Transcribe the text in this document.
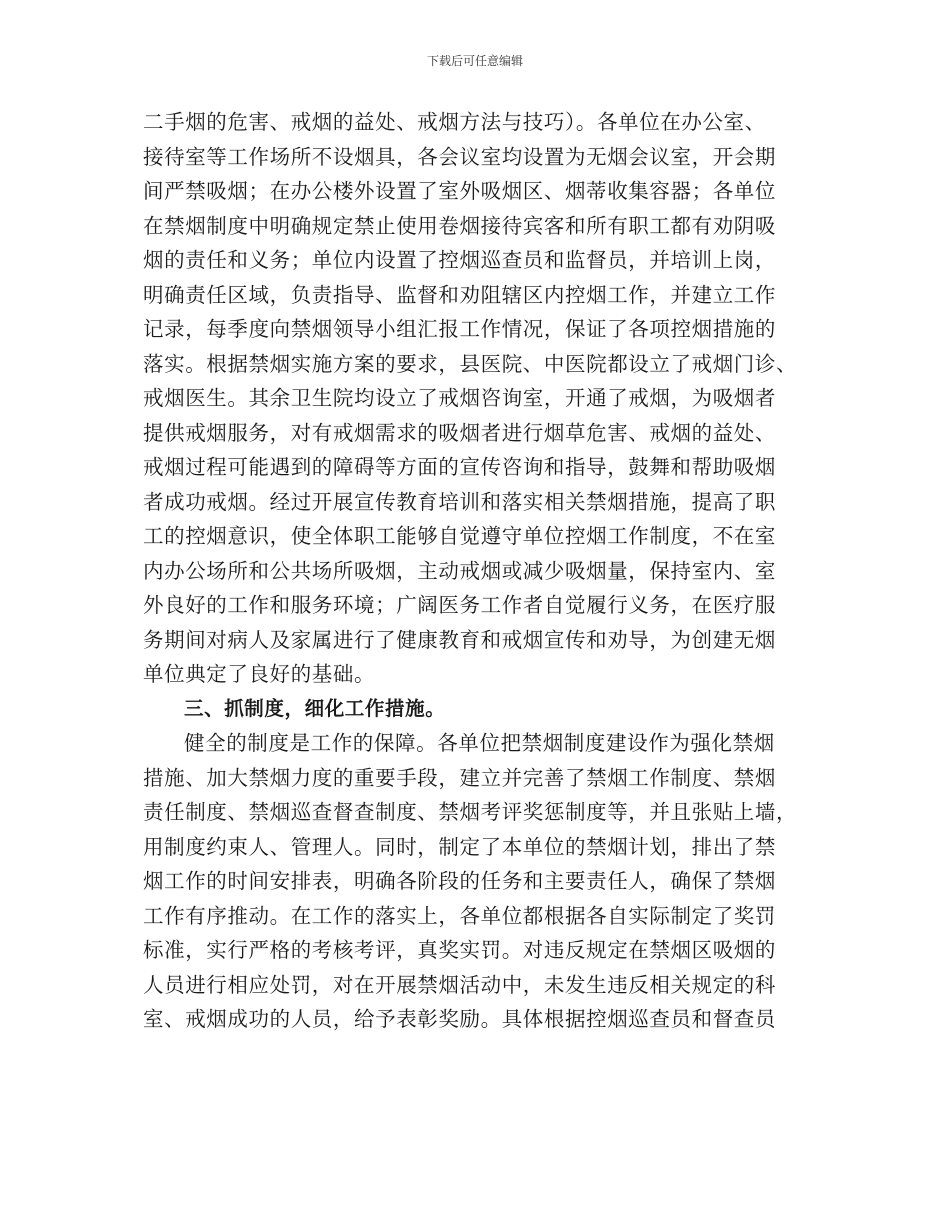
下载后可任意编辑
二手烟的危害、戒烟的益处、戒烟方法与技巧）。各单位在办公室、
接待室等工作场所不设烟具，各会议室均设置为无烟会议室，开会期
间严禁吸烟；在办公楼外设置了室外吸烟区、烟蒂收集容器；各单位
在禁烟制度中明确规定禁止使用卷烟接待宾客和所有职工都有劝阴吸
烟的责任和义务；单位内设置了控烟巡查员和监督员，并培训上岗，
明确责任区域，负责指导、监督和劝阻辖区内控烟工作，并建立工作
记录，每季度向禁烟领导小组汇报工作情况，保证了各项控烟措施的
落实。根据禁烟实施方案的要求，县医院、中医院都设立了戒烟门诊、
戒烟医生。其余卫生院均设立了戒烟咨询室，开通了戒烟，为吸烟者
提供戒烟服务，对有戒烟需求的吸烟者进行烟草危害、戒烟的益处、
戒烟过程可能遇到的障碍等方面的宣传咨询和指导，鼓舞和帮助吸烟
者成功戒烟。经过开展宣传教育培训和落实相关禁烟措施，提高了职
工的控烟意识，使全体职工能够自觉遵守单位控烟工作制度，不在室
内办公场所和公共场所吸烟，主动戒烟或减少吸烟量，保持室内、室
外良好的工作和服务环境；广阔医务工作者自觉履行义务，在医疗服
务期间对病人及家属进行了健康教育和戒烟宣传和劝导，为创建无烟
单位典定了良好的基础。
三、抓制度，细化工作措施。
健全的制度是工作的保障。各单位把禁烟制度建设作为强化禁烟
措施、加大禁烟力度的重要手段，建立并完善了禁烟工作制度、禁烟
责任制度、禁烟巡查督查制度、禁烟考评奖惩制度等，并且张贴上墙，
用制度约束人、管理人。同时，制定了本单位的禁烟计划，排出了禁
烟工作的时间安排表，明确各阶段的任务和主要责任人，确保了禁烟
工作有序推动。在工作的落实上，各单位都根据各自实际制定了奖罚
标准，实行严格的考核考评，真奖实罚。对违反规定在禁烟区吸烟的
人员进行相应处罚，对在开展禁烟活动中，未发生违反相关规定的科
室、戒烟成功的人员，给予表彰奖励。具体根据控烟巡查员和督查员
